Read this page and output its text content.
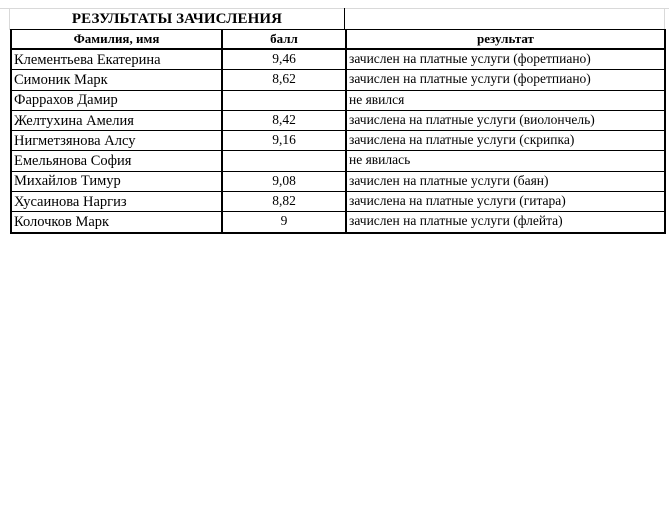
РЕЗУЛЬТАТЫ ЗАЧИСЛЕНИЯ
Фамилия, имя	балл	результат
Клементьева Екатерина	9,46	зачислен на платные услуги (форетпиано)
Симоник Марк	8,62	зачислен на платные услуги (форетпиано)
Фаррахов Дамир		не явился
Желтухина Амелия	8,42	зачислена на платные услуги (виолончель)
Нигметзянова Алсу	9,16	зачислена на платные услуги (скрипка)
Емельянова София		не явилась
Михайлов Тимур	9,08	зачислен на платные услуги (баян)
Хусаинова Наргиз	8,82	зачислена на платные услуги (гитара)
Колочков Марк	9	зачислен на платные услуги (флейта)
